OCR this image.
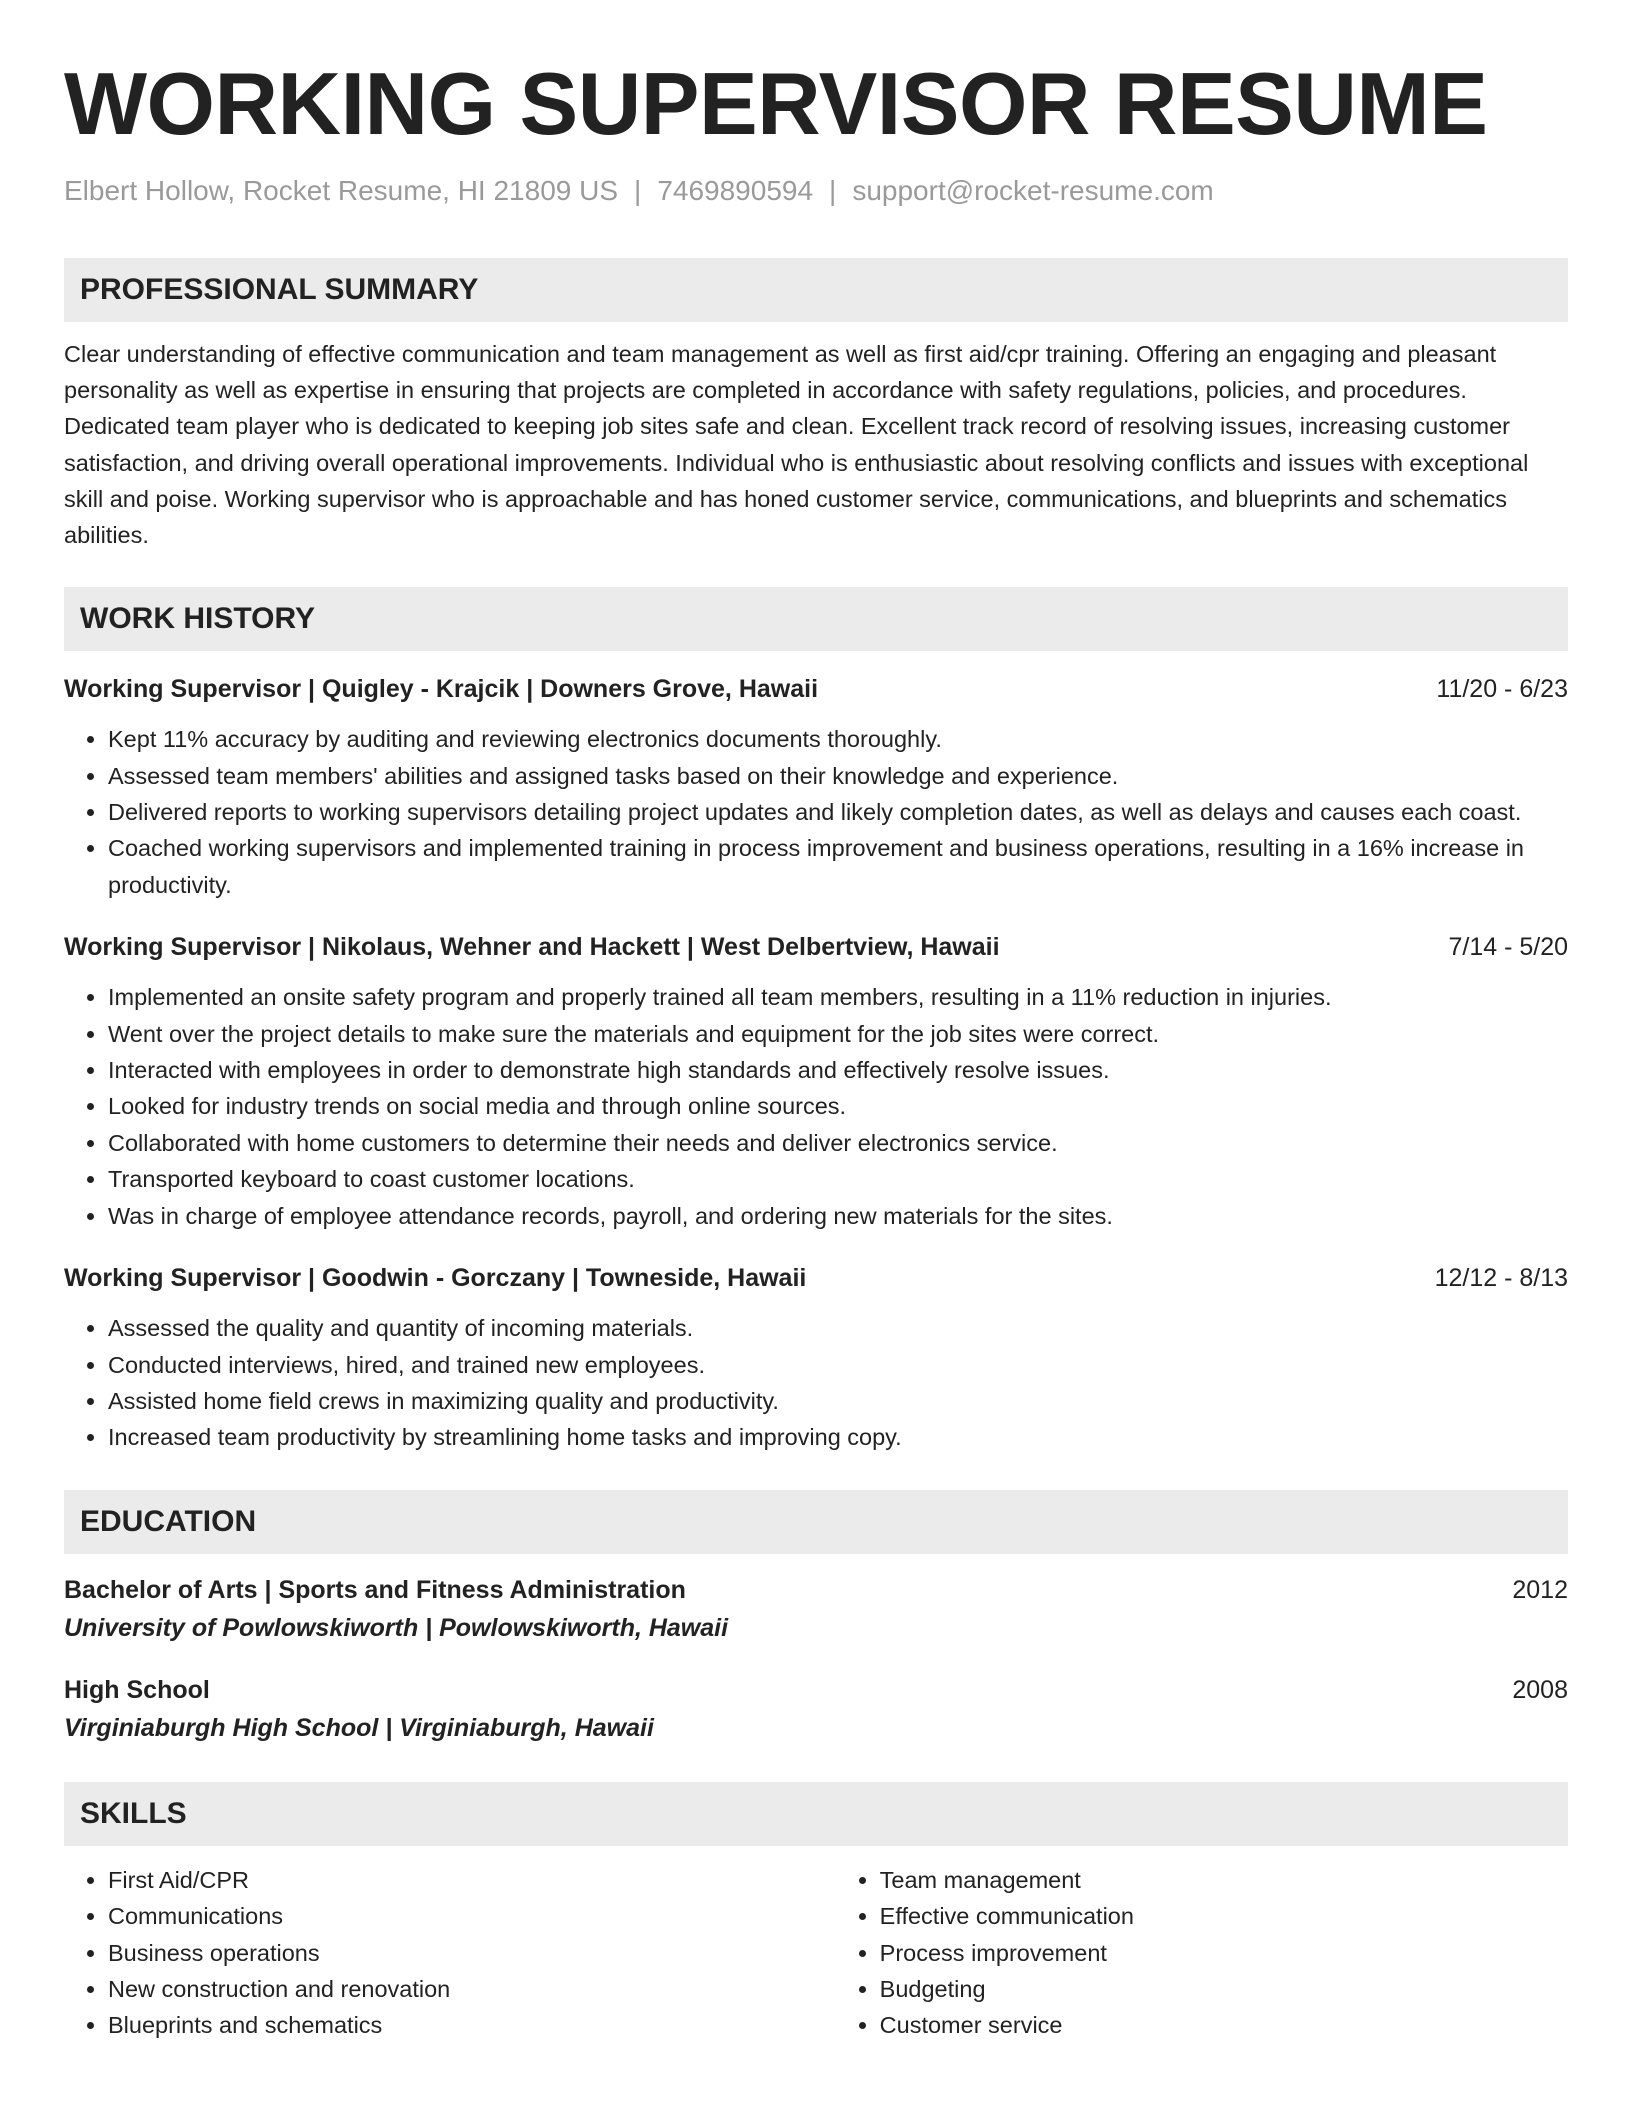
WORKING SUPERVISOR RESUME
Elbert Hollow, Rocket Resume, HI 21809 US | 7469890594 | support@rocket-resume.com
PROFESSIONAL SUMMARY
Clear understanding of effective communication and team management as well as first aid/cpr training. Offering an engaging and pleasant personality as well as expertise in ensuring that projects are completed in accordance with safety regulations, policies, and procedures. Dedicated team player who is dedicated to keeping job sites safe and clean. Excellent track record of resolving issues, increasing customer satisfaction, and driving overall operational improvements. Individual who is enthusiastic about resolving conflicts and issues with exceptional skill and poise. Working supervisor who is approachable and has honed customer service, communications, and blueprints and schematics abilities.
WORK HISTORY
Working Supervisor | Quigley - Krajcik | Downers Grove, Hawaii	11/20 - 6/23
• Kept 11% accuracy by auditing and reviewing electronics documents thoroughly.
• Assessed team members' abilities and assigned tasks based on their knowledge and experience.
• Delivered reports to working supervisors detailing project updates and likely completion dates, as well as delays and causes each coast.
• Coached working supervisors and implemented training in process improvement and business operations, resulting in a 16% increase in productivity.
Working Supervisor | Nikolaus, Wehner and Hackett | West Delbertview, Hawaii	7/14 - 5/20
• Implemented an onsite safety program and properly trained all team members, resulting in a 11% reduction in injuries.
• Went over the project details to make sure the materials and equipment for the job sites were correct.
• Interacted with employees in order to demonstrate high standards and effectively resolve issues.
• Looked for industry trends on social media and through online sources.
• Collaborated with home customers to determine their needs and deliver electronics service.
• Transported keyboard to coast customer locations.
• Was in charge of employee attendance records, payroll, and ordering new materials for the sites.
Working Supervisor | Goodwin - Gorczany | Towneside, Hawaii	12/12 - 8/13
• Assessed the quality and quantity of incoming materials.
• Conducted interviews, hired, and trained new employees.
• Assisted home field crews in maximizing quality and productivity.
• Increased team productivity by streamlining home tasks and improving copy.
EDUCATION
Bachelor of Arts | Sports and Fitness Administration	2012
University of Powlowskiworth | Powlowskiworth, Hawaii
High School	2008
Virginiaburgh High School | Virginiaburgh, Hawaii
SKILLS
• First Aid/CPR
• Communications
• Business operations
• New construction and renovation
• Blueprints and schematics
• Team management
• Effective communication
• Process improvement
• Budgeting
• Customer service
